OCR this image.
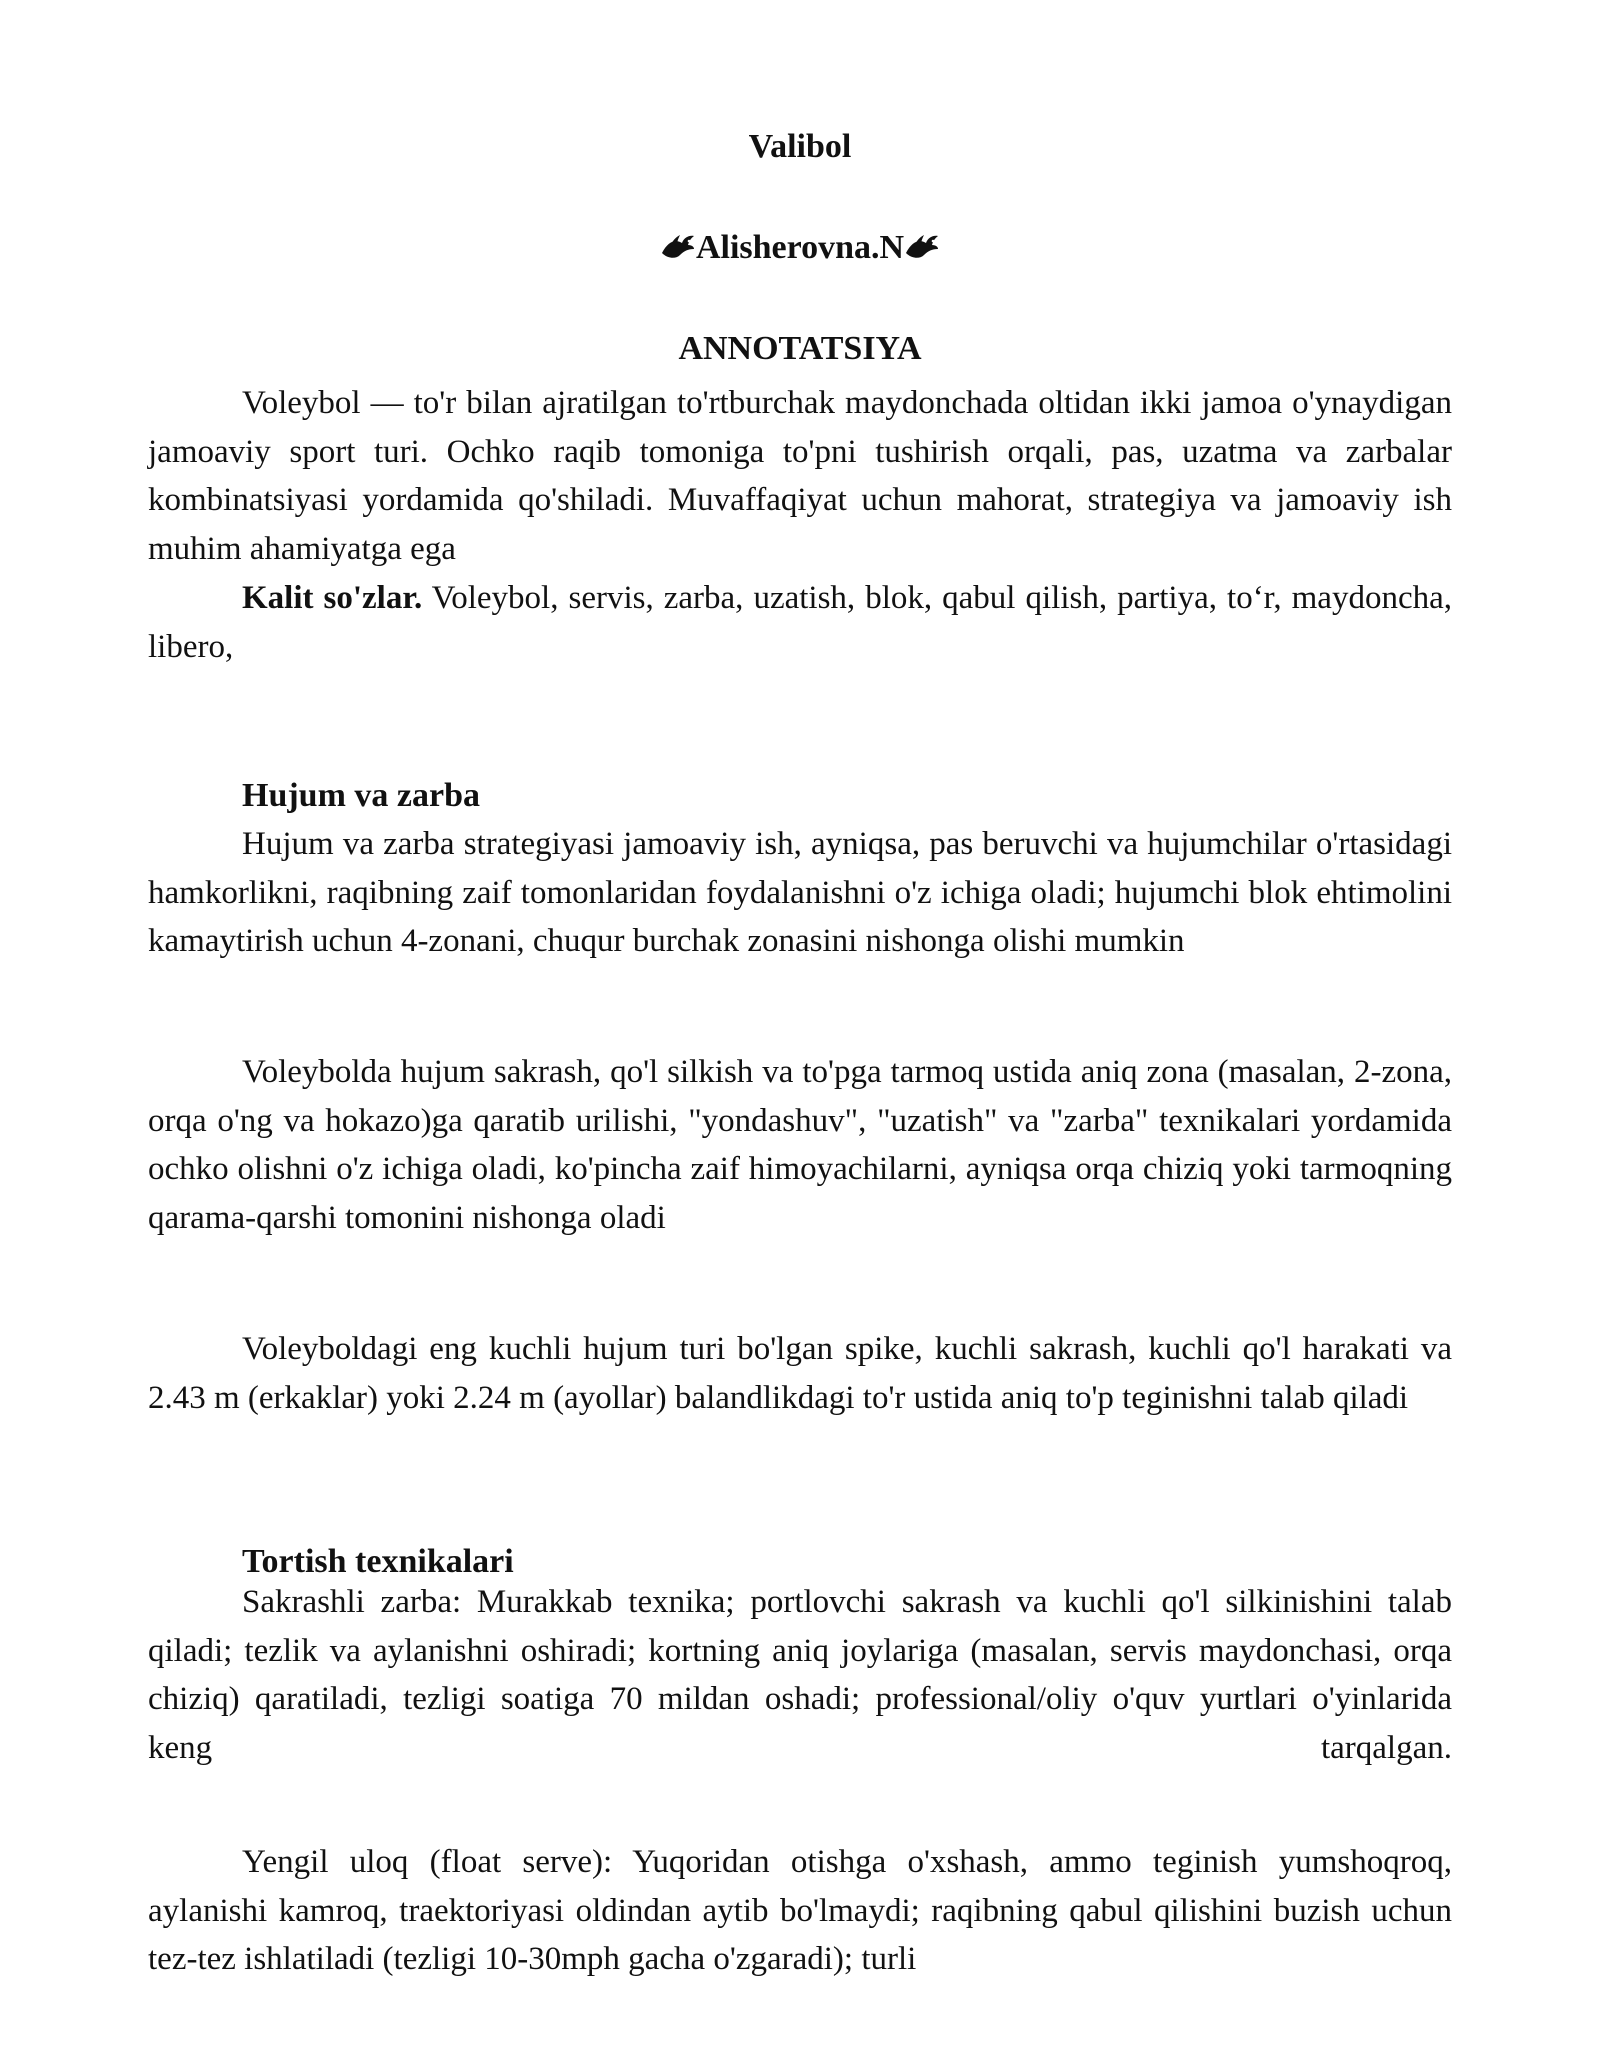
Valibol
Alisherovna.N
ANNOTATSIYA
Voleybol — to'r bilan ajratilgan to'rtburchak maydonchada oltidan ikki jamoa o'ynaydigan jamoaviy sport turi. Ochko raqib tomoniga to'pni tushirish orqali, pas, uzatma va zarbalar kombinatsiyasi yordamida qo'shiladi. Muvaffaqiyat uchun mahorat, strategiya va jamoaviy ish muhim ahamiyatga ega
Kalit so'zlar. Voleybol, servis, zarba, uzatish, blok, qabul qilish, partiya, to‘r, maydoncha, libero,
Hujum va zarba
Hujum va zarba strategiyasi jamoaviy ish, ayniqsa, pas beruvchi va hujumchilar o'rtasidagi hamkorlikni, raqibning zaif tomonlaridan foydalanishni o'z ichiga oladi; hujumchi blok ehtimolini kamaytirish uchun 4-zonani, chuqur burchak zonasini nishonga olishi mumkin
Voleybolda hujum sakrash, qo'l silkish va to'pga tarmoq ustida aniq zona (masalan, 2-zona, orqa o'ng va hokazo)ga qaratib urilishi, "yondashuv", "uzatish" va "zarba" texnikalari yordamida ochko olishni o'z ichiga oladi, ko'pincha zaif himoyachilarni, ayniqsa orqa chiziq yoki tarmoqning qarama-qarshi tomonini nishonga oladi
Voleyboldagi eng kuchli hujum turi bo'lgan spike, kuchli sakrash, kuchli qo'l harakati va 2.43 m (erkaklar) yoki 2.24 m (ayollar) balandlikdagi to'r ustida aniq to'p teginishni talab qiladi
Tortish texnikalari
Sakrashli zarba: Murakkab texnika; portlovchi sakrash va kuchli qo'l silkinishini talab qiladi; tezlik va aylanishni oshiradi; kortning aniq joylariga (masalan, servis maydonchasi, orqa chiziq) qaratiladi, tezligi soatiga 70 mildan oshadi; professional/oliy o'quv yurtlari o'yinlarida keng tarqalgan.
Yengil uloq (float serve): Yuqoridan otishga o'xshash, ammo teginish yumshoqroq, aylanishi kamroq, traektoriyasi oldindan aytib bo'lmaydi; raqibning qabul qilishini buzish uchun tez-tez ishlatiladi (tezligi 10-30mph gacha o'zgaradi); turli
